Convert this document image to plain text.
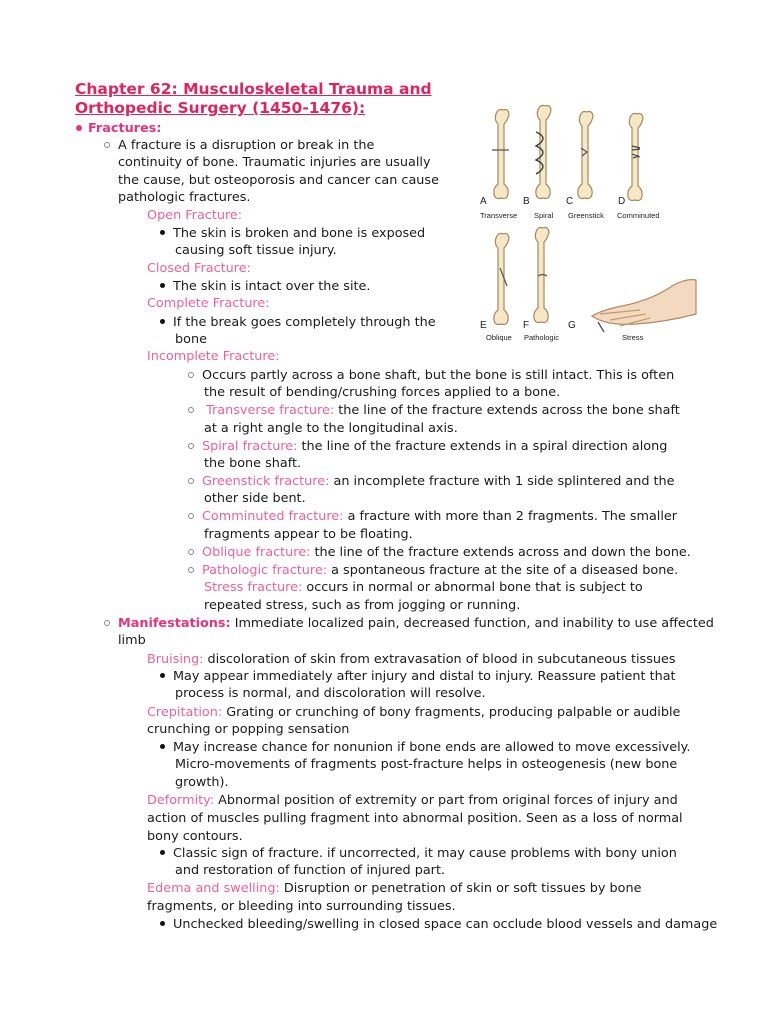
Chapter 62: Musculoskeletal Trauma and
Orthopedic Surgery (1450-1476):
Fractures:
A fracture is a disruption or break in the
continuity of bone. Traumatic injuries are usually
the cause, but osteoporosis and cancer can cause
pathologic fractures.
Open Fracture:
The skin is broken and bone is exposed
causing soft tissue injury.
Closed Fracture:
The skin is intact over the site.
Complete Fracture:
If the break goes completely through the
bone
Incomplete Fracture:
Occurs partly across a bone shaft, but the bone is still intact. This is often
the result of bending/crushing forces applied to a bone.
Transverse fracture: the line of the fracture extends across the bone shaft
at a right angle to the longitudinal axis.
Spiral fracture: the line of the fracture extends in a spiral direction along
the bone shaft.
Greenstick fracture: an incomplete fracture with 1 side splintered and the
other side bent.
Comminuted fracture: a fracture with more than 2 fragments. The smaller
fragments appear to be floating.
Oblique fracture: the line of the fracture extends across and down the bone.
Pathologic fracture: a spontaneous fracture at the site of a diseased bone.
Stress fracture: occurs in normal or abnormal bone that is subject to
repeated stress, such as from jogging or running.
Manifestations: Immediate localized pain, decreased function, and inability to use affected
limb
Bruising: discoloration of skin from extravasation of blood in subcutaneous tissues
May appear immediately after injury and distal to injury. Reassure patient that
process is normal, and discoloration will resolve.
Crepitation: Grating or crunching of bony fragments, producing palpable or audible
crunching or popping sensation
May increase chance for nonunion if bone ends are allowed to move excessively.
Micro-movements of fragments post-fracture helps in osteogenesis (new bone
growth).
Deformity: Abnormal position of extremity or part from original forces of injury and
action of muscles pulling fragment into abnormal position. Seen as a loss of normal
bony contours.
Classic sign of fracture. if uncorrected, it may cause problems with bony union
and restoration of function of injured part.
Edema and swelling: Disruption or penetration of skin or soft tissues by bone
fragments, or bleeding into surrounding tissues.
Unchecked bleeding/swelling in closed space can occlude blood vessels and damage
A	B	C	D
E	F	G
Transverse Spiral Greenstick Comminuted
Oblique Pathologic	Stress
